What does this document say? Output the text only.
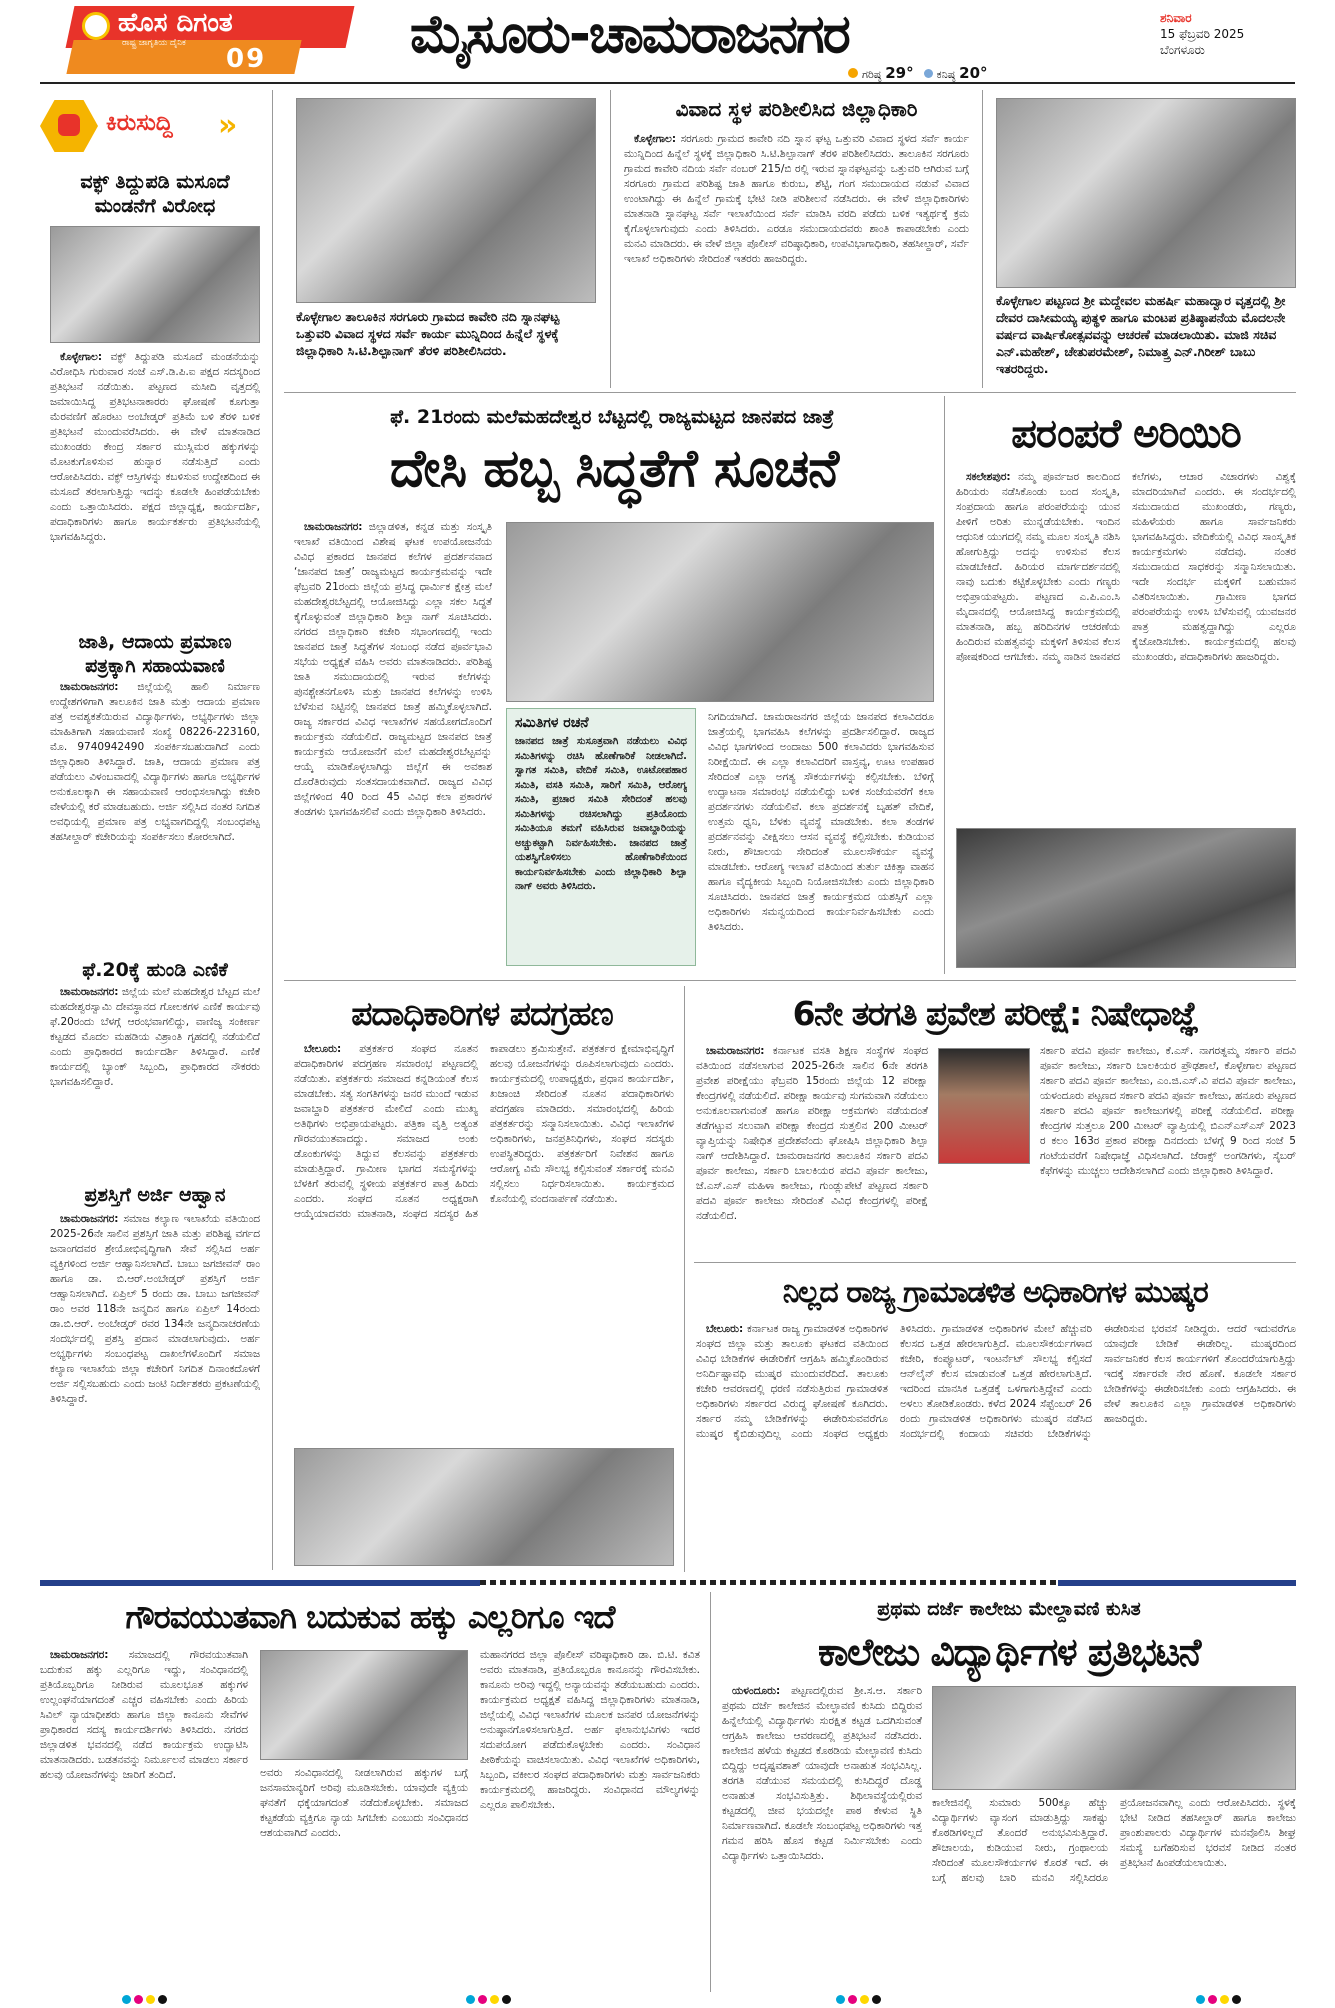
ಹೊಸ ದಿಗಂತ
ರಾಷ್ಟ್ರ ಜಾಗೃತಿಯ ದೈನಿಕ
09	ಮೈಸೂರು-ಚಾಮರಾಜನಗರ
ಗರಿಷ್ಠ 29° ಕನಿಷ್ಠ 20°
ಶನಿವಾರ
15 ಫೆಬ್ರವರಿ 2025
ಬೆಂಗಳೂರು
ಕಿರುಸುದ್ದಿ »
ವಕ್ಫ್ ತಿದ್ದುಪಡಿ ಮಸೂದೆ ಮಂಡನೆಗೆ ವಿರೋಧ

ಕೊಳ್ಳೇಗಾಲ: ವಕ್ಫ್ ತಿದ್ದುಪಡಿ ಮಸೂದೆ ಮಂಡನೆಯನ್ನು ವಿರೋಧಿಸಿ ಗುರುವಾರ ಸಂಜೆ ಎಸ್.ಡಿ.ಪಿ.ಐ ಪಕ್ಷದ ಸದಸ್ಯರಿಂದ ಪ್ರತಿಭಟನೆ ನಡೆಯಿತು. ಪಟ್ಟಣದ ಮಸೀದಿ ವೃತ್ತದಲ್ಲಿ ಜಮಾಯಿಸಿದ್ದ ಪ್ರತಿಭಟನಾಕಾರರು ಘೋಷಣೆ ಕೂಗುತ್ತಾ ಮೆರವಣಿಗೆ ಹೊರಟು ಅಂಬೇಡ್ಕರ್ ಪ್ರತಿಮೆ ಬಳಿ ತೆರಳಿ ಬಳಿಕ ಪ್ರತಿಭಟನೆ ಮುಂದುವರೆಸಿದರು. ಈ ವೇಳೆ ಮಾತನಾಡಿದ ಮುಖಂಡರು ಕೇಂದ್ರ ಸರ್ಕಾರ ಮುಸ್ಲಿಮರ ಹಕ್ಕುಗಳನ್ನು ಮೊಟಕುಗೊಳಿಸುವ ಹುನ್ನಾರ ನಡೆಸುತ್ತಿದೆ ಎಂದು ಆರೋಪಿಸಿದರು. ವಕ್ಫ್ ಆಸ್ತಿಗಳನ್ನು ಕಬಳಿಸುವ ಉದ್ದೇಶದಿಂದ ಈ ಮಸೂದೆ ತರಲಾಗುತ್ತಿದ್ದು ಇದನ್ನು ಕೂಡಲೇ ಹಿಂಪಡೆಯಬೇಕು ಎಂದು ಒತ್ತಾಯಿಸಿದರು. ಪಕ್ಷದ ಜಿಲ್ಲಾಧ್ಯಕ್ಷ, ಕಾರ್ಯದರ್ಶಿ, ಪದಾಧಿಕಾರಿಗಳು ಹಾಗೂ ಕಾರ್ಯಕರ್ತರು ಪ್ರತಿಭಟನೆಯಲ್ಲಿ ಭಾಗವಹಿಸಿದ್ದರು.

ಜಾತಿ, ಆದಾಯ ಪ್ರಮಾಣ ಪತ್ರಕ್ಕಾಗಿ ಸಹಾಯವಾಣಿ

ಚಾಮರಾಜನಗರ: ಜಿಲ್ಲೆಯಲ್ಲಿ ಹಾಲಿ ನಿರ್ಮಾಣ ಉದ್ದೇಶಗಳಿಗಾಗಿ ತಾಲೂಕಿನ ಜಾತಿ ಮತ್ತು ಆದಾಯ ಪ್ರಮಾಣ ಪತ್ರ ಅವಶ್ಯಕತೆಯಿರುವ ವಿದ್ಯಾರ್ಥಿಗಳು, ಅಭ್ಯರ್ಥಿಗಳು ಜಿಲ್ಲಾ ಮಾಹಿತಿಗಾಗಿ ಸಹಾಯವಾಣಿ ಸಂಖ್ಯೆ 08226-223160, ಮೊ. 9740942490 ಸಂಪರ್ಕಿಸಬಹುದಾಗಿದೆ ಎಂದು ಜಿಲ್ಲಾಧಿಕಾರಿ ತಿಳಿಸಿದ್ದಾರೆ. ಜಾತಿ, ಆದಾಯ ಪ್ರಮಾಣ ಪತ್ರ ಪಡೆಯಲು ವಿಳಂಬವಾದಲ್ಲಿ ವಿದ್ಯಾರ್ಥಿಗಳು ಹಾಗೂ ಅಭ್ಯರ್ಥಿಗಳ ಅನುಕೂಲಕ್ಕಾಗಿ ಈ ಸಹಾಯವಾಣಿ ಆರಂಭಿಸಲಾಗಿದ್ದು ಕಚೇರಿ ವೇಳೆಯಲ್ಲಿ ಕರೆ ಮಾಡಬಹುದು. ಅರ್ಜಿ ಸಲ್ಲಿಸಿದ ನಂತರ ನಿಗದಿತ ಅವಧಿಯಲ್ಲಿ ಪ್ರಮಾಣ ಪತ್ರ ಲಭ್ಯವಾಗದಿದ್ದಲ್ಲಿ ಸಂಬಂಧಪಟ್ಟ ತಹಸೀಲ್ದಾರ್ ಕಚೇರಿಯನ್ನು ಸಂಪರ್ಕಿಸಲು ಕೋರಲಾಗಿದೆ.

ಫೆ.20ಕ್ಕೆ ಹುಂಡಿ ಎಣಿಕೆ

ಚಾಮರಾಜನಗರ: ಜಿಲ್ಲೆಯ ಮಲೆ ಮಹದೇಶ್ವರ ಬೆಟ್ಟದ ಮಲೆ ಮಹದೇಶ್ವರಸ್ವಾಮಿ ದೇವಸ್ಥಾನದ ಗೋಲಕಗಳ ಎಣಿಕೆ ಕಾರ್ಯವು ಫೆ.20ರಂದು ಬೆಳಗ್ಗೆ ಆರಂಭವಾಗಲಿದ್ದು, ವಾಣಿಜ್ಯ ಸಂಕೀರ್ಣ ಕಟ್ಟಡದ ಮೊದಲ ಮಹಡಿಯ ವಿಶ್ರಾಂತಿ ಗೃಹದಲ್ಲಿ ನಡೆಯಲಿದೆ ಎಂದು ಪ್ರಾಧಿಕಾರದ ಕಾರ್ಯದರ್ಶಿ ತಿಳಿಸಿದ್ದಾರೆ. ಎಣಿಕೆ ಕಾರ್ಯದಲ್ಲಿ ಬ್ಯಾಂಕ್ ಸಿಬ್ಬಂದಿ, ಪ್ರಾಧಿಕಾರದ ನೌಕರರು ಭಾಗವಹಿಸಲಿದ್ದಾರೆ.

ಪ್ರಶಸ್ತಿಗೆ ಅರ್ಜಿ ಆಹ್ವಾನ

ಚಾಮರಾಜನಗರ: ಸಮಾಜ ಕಲ್ಯಾಣ ಇಲಾಖೆಯ ವತಿಯಿಂದ 2025-26ನೇ ಸಾಲಿನ ಪ್ರಶಸ್ತಿಗೆ ಜಾತಿ ಮತ್ತು ಪರಿಶಿಷ್ಟ ವರ್ಗದ ಜನಾಂಗದವರ ಶ್ರೇಯೋಭಿವೃದ್ಧಿಗಾಗಿ ಸೇವೆ ಸಲ್ಲಿಸಿದ ಅರ್ಹ ವ್ಯಕ್ತಿಗಳಿಂದ ಅರ್ಜಿ ಆಹ್ವಾನಿಸಲಾಗಿದೆ. ಬಾಬು ಜಗಜೀವನ್ ರಾಂ ಹಾಗೂ ಡಾ. ಬಿ.ಆರ್.ಅಂಬೇಡ್ಕರ್ ಪ್ರಶಸ್ತಿಗೆ ಅರ್ಜಿ ಆಹ್ವಾನಿಸಲಾಗಿದೆ. ಏಪ್ರಿಲ್ 5 ರಂದು ಡಾ. ಬಾಬು ಜಗಜೀವನ್ ರಾಂ ಅವರ 118ನೇ ಜನ್ಮದಿನ ಹಾಗೂ ಏಪ್ರಿಲ್ 14ರಂದು ಡಾ.ಬಿ.ಆರ್. ಅಂಬೇಡ್ಕರ್ ರವರ 134ನೇ ಜನ್ಮದಿನಾಚರಣೆಯ ಸಂದರ್ಭದಲ್ಲಿ ಪ್ರಶಸ್ತಿ ಪ್ರದಾನ ಮಾಡಲಾಗುವುದು. ಅರ್ಹ ಅಭ್ಯರ್ಥಿಗಳು ಸಂಬಂಧಪಟ್ಟ ದಾಖಲೆಗಳೊಂದಿಗೆ ಸಮಾಜ ಕಲ್ಯಾಣ ಇಲಾಖೆಯ ಜಿಲ್ಲಾ ಕಚೇರಿಗೆ ನಿಗದಿತ ದಿನಾಂಕದೊಳಗೆ ಅರ್ಜಿ ಸಲ್ಲಿಸಬಹುದು ಎಂದು ಜಂಟಿ ನಿರ್ದೇಶಕರು ಪ್ರಕಟಣೆಯಲ್ಲಿ ತಿಳಿಸಿದ್ದಾರೆ.

ಕೊಳ್ಳೇಗಾಲ ತಾಲೂಕಿನ ಸರಗೂರು ಗ್ರಾಮದ ಕಾವೇರಿ ನದಿ ಸ್ನಾನಘಟ್ಟ ಒತ್ತುವರಿ ವಿವಾದ ಸ್ಥಳದ ಸರ್ವೆ ಕಾರ್ಯ ಮುನ್ನಿದಿಂದ ಹಿನ್ನೆಲೆ ಸ್ಥಳಕ್ಕೆ ಜಿಲ್ಲಾಧಿಕಾರಿ ಸಿ.ಟಿ.ಶಿಲ್ಪಾನಾಗ್ ತೆರಳಿ ಪರಿಶೀಲಿಸಿದರು.
ವಿವಾದ ಸ್ಥಳ ಪರಿಶೀಲಿಸಿದ ಜಿಲ್ಲಾಧಿಕಾರಿ

ಕೊಳ್ಳೇಗಾಲ: ಸರಗೂರು ಗ್ರಾಮದ ಕಾವೇರಿ ನದಿ ಸ್ನಾನ ಘಟ್ಟ ಒತ್ತುವರಿ ವಿವಾದ ಸ್ಥಳದ ಸರ್ವೆ ಕಾರ್ಯ ಮುನ್ನಿದಿಂದ ಹಿನ್ನೆಲೆ ಸ್ಥಳಕ್ಕೆ ಜಿಲ್ಲಾಧಿಕಾರಿ ಸಿ.ಟಿ.ಶಿಲ್ಪಾನಾಗ್ ತೆರಳಿ ಪರಿಶೀಲಿಸಿದರು. ತಾಲೂಕಿನ ಸರಗೂರು ಗ್ರಾಮದ ಕಾವೇರಿ ನದಿಯ ಸರ್ವೆ ನಂಬರ್ 215/ಬಿ ರಲ್ಲಿ ಇರುವ ಸ್ನಾನಘಟ್ಟವನ್ನು ಒತ್ತುವರಿ ಆಗಿರುವ ಬಗ್ಗೆ ಸರಗೂರು ಗ್ರಾಮದ ಪರಿಶಿಷ್ಟ ಜಾತಿ ಹಾಗೂ ಕುರುಬ, ಶೆಟ್ಟಿ, ಗಂಗ ಸಮುದಾಯದ ನಡುವೆ ವಿವಾದ ಉಂಟಾಗಿದ್ದು ಈ ಹಿನ್ನೆಲೆ ಗ್ರಾಮಕ್ಕೆ ಭೇಟಿ ನೀಡಿ ಪರಿಶೀಲನೆ ನಡೆಸಿದರು. ಈ ವೇಳೆ ಜಿಲ್ಲಾಧಿಕಾರಿಗಳು ಮಾತನಾಡಿ ಸ್ನಾನಘಟ್ಟ ಸರ್ವೆ ಇಲಾಖೆಯಿಂದ ಸರ್ವೆ ಮಾಡಿಸಿ ವರದಿ ಪಡೆದು ಬಳಿಕ ಇತ್ಯರ್ಥಕ್ಕೆ ಕ್ರಮ ಕೈಗೊಳ್ಳಲಾಗುವುದು ಎಂದು ತಿಳಿಸಿದರು. ಎರಡೂ ಸಮುದಾಯದವರು ಶಾಂತಿ ಕಾಪಾಡಬೇಕು ಎಂದು ಮನವಿ ಮಾಡಿದರು. ಈ ವೇಳೆ ಜಿಲ್ಲಾ ಪೊಲೀಸ್ ವರಿಷ್ಠಾಧಿಕಾರಿ, ಉಪವಿಭಾಗಾಧಿಕಾರಿ, ತಹಸೀಲ್ದಾರ್, ಸರ್ವೆ ಇಲಾಖೆ ಅಧಿಕಾರಿಗಳು ಸೇರಿದಂತೆ ಇತರರು ಹಾಜರಿದ್ದರು.

ಕೊಳ್ಳೇಗಾಲ ಪಟ್ಟಣದ ಶ್ರೀ ಮದ್ದೇವಲ ಮಹರ್ಷಿ ಮಹಾದ್ವಾರ ವೃತ್ತದಲ್ಲಿ ಶ್ರೀ ದೇವರ ದಾಸೀಮಯ್ಯ ಪುತ್ಥಳಿ ಹಾಗೂ ಮಂಟಪ ಪ್ರತಿಷ್ಠಾಪನೆಯ ಮೊದಲನೇ ವರ್ಷದ ವಾರ್ಷಿಕೋತ್ಸವವನ್ನು ಆಚರಣೆ ಮಾಡಲಾಯಿತು. ಮಾಜಿ ಸಚಿವ ಎನ್.ಮಹೇಶ್, ಚೇತುಪರಮೇಶ್, ನಿಮಾತ್ತ್ರ ಎನ್.ಗಿರೀಶ್ ಬಾಬು ಇತರರಿದ್ದರು.
ಫೆ. 21ರಂದು ಮಲೆಮಹದೇಶ್ವರ ಬೆಟ್ಟದಲ್ಲಿ ರಾಜ್ಯಮಟ್ಟದ ಜಾನಪದ ಜಾತ್ರೆ
ದೇಸಿ ಹಬ್ಬ ಸಿದ್ಧತೆಗೆ ಸೂಚನೆ

ಚಾಮರಾಜನಗರ: ಜಿಲ್ಲಾಡಳಿತ, ಕನ್ನಡ ಮತ್ತು ಸಂಸ್ಕೃತಿ ಇಲಾಖೆ ವತಿಯಿಂದ ವಿಶೇಷ ಘಟಕ ಉಪಯೋಜನೆಯ ವಿವಿಧ ಪ್ರಕಾರದ ಜಾನಪದ ಕಲೆಗಳ ಪ್ರದರ್ಶನವಾದ ‘ಜಾನಪದ ಜಾತ್ರೆ’ ರಾಜ್ಯಮಟ್ಟದ ಕಾರ್ಯಕ್ರಮವನ್ನು ಇದೇ ಫೆಬ್ರವರಿ 21ರಂದು ಜಿಲ್ಲೆಯ ಪ್ರಸಿದ್ಧ ಧಾರ್ಮಿಕ ಕ್ಷೇತ್ರ ಮಲೆ ಮಹದೇಶ್ವರಬೆಟ್ಟದಲ್ಲಿ ಆಯೋಜಿಸಿದ್ದು ಎಲ್ಲಾ ಸಕಲ ಸಿದ್ಧತೆ ಕೈಗೊಳ್ಳುವಂತೆ ಜಿಲ್ಲಾಧಿಕಾರಿ ಶಿಲ್ಪಾ ನಾಗ್ ಸೂಚಿಸಿದರು. ನಗರದ ಜಿಲ್ಲಾಧಿಕಾರಿ ಕಚೇರಿ ಸಭಾಂಗಣದಲ್ಲಿ ಇಂದು ಜಾನಪದ ಜಾತ್ರೆ ಸಿದ್ಧತೆಗಳ ಸಂಬಂಧ ನಡೆದ ಪೂರ್ವಭಾವಿ ಸಭೆಯ ಅಧ್ಯಕ್ಷತೆ ವಹಿಸಿ ಅವರು ಮಾತನಾಡಿದರು. ಪರಿಶಿಷ್ಟ ಜಾತಿ ಸಮುದಾಯದಲ್ಲಿ ಇರುವ ಕಲೆಗಳನ್ನು ಪುನಶ್ಚೇತನಗೊಳಿಸಿ ಮತ್ತು ಜಾನಪದ ಕಲೆಗಳನ್ನು ಉಳಿಸಿ ಬೆಳೆಸುವ ನಿಟ್ಟಿನಲ್ಲಿ ಜಾನಪದ ಜಾತ್ರೆ ಹಮ್ಮಿಕೊಳ್ಳಲಾಗಿದೆ. ರಾಜ್ಯ ಸರ್ಕಾರದ ವಿವಿಧ ಇಲಾಖೆಗಳ ಸಹಯೋಗದೊಂದಿಗೆ ಕಾರ್ಯಕ್ರಮ ನಡೆಯಲಿದೆ. ರಾಜ್ಯಮಟ್ಟದ ಜಾನಪದ ಜಾತ್ರೆ ಕಾರ್ಯಕ್ರಮ ಆಯೋಜನೆಗೆ ಮಲೆ ಮಹದೇಶ್ವರಬೆಟ್ಟವನ್ನು ಆಯ್ಕೆ ಮಾಡಿಕೊಳ್ಳಲಾಗಿದ್ದು ಜಿಲ್ಲೆಗೆ ಈ ಅವಕಾಶ ದೊರೆತಿರುವುದು ಸಂತಸದಾಯಕವಾಗಿದೆ. ರಾಜ್ಯದ ವಿವಿಧ ಜಿಲ್ಲೆಗಳಿಂದ 40 ರಿಂದ 45 ವಿವಿಧ ಕಲಾ ಪ್ರಕಾರಗಳ ತಂಡಗಳು ಭಾಗವಹಿಸಲಿವೆ ಎಂದು ಜಿಲ್ಲಾಧಿಕಾರಿ ತಿಳಿಸಿದರು.

ಸಮಿತಿಗಳ ರಚನೆ
ಜಾನಪದ ಜಾತ್ರೆ ಸುಸೂತ್ರವಾಗಿ ನಡೆಯಲು ವಿವಿಧ ಸಮಿತಿಗಳನ್ನು ರಚಿಸಿ ಹೊಣೆಗಾರಿಕೆ ನೀಡಲಾಗಿದೆ. ಸ್ವಾಗತ ಸಮಿತಿ, ವೇದಿಕೆ ಸಮಿತಿ, ಊಟೋಪಹಾರ ಸಮಿತಿ, ವಸತಿ ಸಮಿತಿ, ಸಾರಿಗೆ ಸಮಿತಿ, ಆರೋಗ್ಯ ಸಮಿತಿ, ಪ್ರಚಾರ ಸಮಿತಿ ಸೇರಿದಂತೆ ಹಲವು ಸಮಿತಿಗಳನ್ನು ರಚಿಸಲಾಗಿದ್ದು ಪ್ರತಿಯೊಂದು ಸಮಿತಿಯೂ ತಮಗೆ ವಹಿಸಿರುವ ಜವಾಬ್ದಾರಿಯನ್ನು ಅಚ್ಚುಕಟ್ಟಾಗಿ ನಿರ್ವಹಿಸಬೇಕು. ಜಾನಪದ ಜಾತ್ರೆ ಯಶಸ್ವಿಗೊಳಿಸಲು ಹೊಣೆಗಾರಿಕೆಯಿಂದ ಕಾರ್ಯನಿರ್ವಹಿಸಬೇಕು ಎಂದು ಜಿಲ್ಲಾಧಿಕಾರಿ ಶಿಲ್ಪಾ ನಾಗ್ ಅವರು ತಿಳಿಸಿದರು.
ನಿಗದಿಯಾಗಿದೆ. ಚಾಮರಾಜನಗರ ಜಿಲ್ಲೆಯ ಜಾನಪದ ಕಲಾವಿದರೂ ಜಾತ್ರೆಯಲ್ಲಿ ಭಾಗವಹಿಸಿ ಕಲೆಗಳನ್ನು ಪ್ರದರ್ಶಿಸಲಿದ್ದಾರೆ. ರಾಜ್ಯದ ವಿವಿಧ ಭಾಗಗಳಿಂದ ಅಂದಾಜು 500 ಕಲಾವಿದರು ಭಾಗವಹಿಸುವ ನಿರೀಕ್ಷೆಯಿದೆ. ಈ ಎಲ್ಲಾ ಕಲಾವಿದರಿಗೆ ವಾಸ್ತವ್ಯ, ಊಟ ಉಪಹಾರ ಸೇರಿದಂತೆ ಎಲ್ಲಾ ಅಗತ್ಯ ಸೌಕರ್ಯಗಳನ್ನು ಕಲ್ಪಿಸಬೇಕು. ಬೆಳಿಗ್ಗೆ ಉದ್ಘಾಟನಾ ಸಮಾರಂಭ ನಡೆಯಲಿದ್ದು ಬಳಿಕ ಸಂಜೆಯವರೆಗೆ ಕಲಾ ಪ್ರದರ್ಶನಗಳು ನಡೆಯಲಿವೆ. ಕಲಾ ಪ್ರದರ್ಶನಕ್ಕೆ ಬೃಹತ್ ವೇದಿಕೆ, ಉತ್ತಮ ಧ್ವನಿ, ಬೆಳಕು ವ್ಯವಸ್ಥೆ ಮಾಡಬೇಕು. ಕಲಾ ತಂಡಗಳ ಪ್ರದರ್ಶನವನ್ನು ವೀಕ್ಷಿಸಲು ಆಸನ ವ್ಯವಸ್ಥೆ ಕಲ್ಪಿಸಬೇಕು. ಕುಡಿಯುವ ನೀರು, ಶೌಚಾಲಯ ಸೇರಿದಂತೆ ಮೂಲಸೌಕರ್ಯ ವ್ಯವಸ್ಥೆ ಮಾಡಬೇಕು. ಆರೋಗ್ಯ ಇಲಾಖೆ ವತಿಯಿಂದ ತುರ್ತು ಚಿಕಿತ್ಸಾ ವಾಹನ ಹಾಗೂ ವೈದ್ಯಕೀಯ ಸಿಬ್ಬಂದಿ ನಿಯೋಜಿಸಬೇಕು ಎಂದು ಜಿಲ್ಲಾಧಿಕಾರಿ ಸೂಚಿಸಿದರು. ಜಾನಪದ ಜಾತ್ರೆ ಕಾರ್ಯಕ್ರಮದ ಯಶಸ್ಸಿಗೆ ಎಲ್ಲಾ ಅಧಿಕಾರಿಗಳು ಸಮನ್ವಯದಿಂದ ಕಾರ್ಯನಿರ್ವಹಿಸಬೇಕು ಎಂದು ತಿಳಿಸಿದರು.
ಪರಂಪರೆ ಅರಿಯಿರಿ

ಸಕಲೇಶಪುರ: ನಮ್ಮ ಪೂರ್ವಜರ ಕಾಲದಿಂದ ಹಿರಿಯರು ನಡೆಸಿಕೊಂಡು ಬಂದ ಸಂಸ್ಕೃತಿ, ಸಂಪ್ರದಾಯ ಹಾಗೂ ಪರಂಪರೆಯನ್ನು ಯುವ ಪೀಳಿಗೆ ಅರಿತು ಮುನ್ನಡೆಯಬೇಕು. ಇಂದಿನ ಆಧುನಿಕ ಯುಗದಲ್ಲಿ ನಮ್ಮ ಮೂಲ ಸಂಸ್ಕೃತಿ ನಶಿಸಿ ಹೋಗುತ್ತಿದ್ದು ಅದನ್ನು ಉಳಿಸುವ ಕೆಲಸ ಮಾಡಬೇಕಿದೆ. ಹಿರಿಯರ ಮಾರ್ಗದರ್ಶನದಲ್ಲಿ ನಾವು ಬದುಕು ಕಟ್ಟಿಕೊಳ್ಳಬೇಕು ಎಂದು ಗಣ್ಯರು ಅಭಿಪ್ರಾಯಪಟ್ಟರು. ಪಟ್ಟಣದ ಎ.ಪಿ.ಎಂ.ಸಿ ಮೈದಾನದಲ್ಲಿ ಆಯೋಜಿಸಿದ್ದ ಕಾರ್ಯಕ್ರಮದಲ್ಲಿ ಮಾತನಾಡಿ, ಹಬ್ಬ ಹರಿದಿನಗಳ ಆಚರಣೆಯ ಹಿಂದಿರುವ ಮಹತ್ವವನ್ನು ಮಕ್ಕಳಿಗೆ ತಿಳಿಸುವ ಕೆಲಸ ಪೋಷಕರಿಂದ ಆಗಬೇಕು. ನಮ್ಮ ನಾಡಿನ ಜಾನಪದ ಕಲೆಗಳು, ಆಚಾರ ವಿಚಾರಗಳು ವಿಶ್ವಕ್ಕೆ ಮಾದರಿಯಾಗಿವೆ ಎಂದರು. ಈ ಸಂದರ್ಭದಲ್ಲಿ ಸಮುದಾಯದ ಮುಖಂಡರು, ಗಣ್ಯರು, ಮಹಿಳೆಯರು ಹಾಗೂ ಸಾರ್ವಜನಿಕರು ಭಾಗವಹಿಸಿದ್ದರು. ವೇದಿಕೆಯಲ್ಲಿ ವಿವಿಧ ಸಾಂಸ್ಕೃತಿಕ ಕಾರ್ಯಕ್ರಮಗಳು ನಡೆದವು. ನಂತರ ಸಮುದಾಯದ ಸಾಧಕರನ್ನು ಸನ್ಮಾನಿಸಲಾಯಿತು. ಇದೇ ಸಂದರ್ಭ ಮಕ್ಕಳಿಗೆ ಬಹುಮಾನ ವಿತರಿಸಲಾಯಿತು. ಗ್ರಾಮೀಣ ಭಾಗದ ಪರಂಪರೆಯನ್ನು ಉಳಿಸಿ ಬೆಳೆಸುವಲ್ಲಿ ಯುವಜನರ ಪಾತ್ರ ಮಹತ್ವದ್ದಾಗಿದ್ದು ಎಲ್ಲರೂ ಕೈಜೋಡಿಸಬೇಕು. ಕಾರ್ಯಕ್ರಮದಲ್ಲಿ ಹಲವು ಮುಖಂಡರು, ಪದಾಧಿಕಾರಿಗಳು ಹಾಜರಿದ್ದರು.

ಪದಾಧಿಕಾರಿಗಳ ಪದಗ್ರಹಣ

ಬೇಲೂರು: ಪತ್ರಕರ್ತರ ಸಂಘದ ನೂತನ ಪದಾಧಿಕಾರಿಗಳ ಪದಗ್ರಹಣ ಸಮಾರಂಭ ಪಟ್ಟಣದಲ್ಲಿ ನಡೆಯಿತು. ಪತ್ರಕರ್ತರು ಸಮಾಜದ ಕನ್ನಡಿಯಂತೆ ಕೆಲಸ ಮಾಡಬೇಕು. ಸತ್ಯ ಸಂಗತಿಗಳನ್ನು ಜನರ ಮುಂದೆ ಇಡುವ ಜವಾಬ್ದಾರಿ ಪತ್ರಕರ್ತರ ಮೇಲಿದೆ ಎಂದು ಮುಖ್ಯ ಅತಿಥಿಗಳು ಅಭಿಪ್ರಾಯಪಟ್ಟರು. ಪತ್ರಿಕಾ ವೃತ್ತಿ ಅತ್ಯಂತ ಗೌರವಯುತವಾದದ್ದು. ಸಮಾಜದ ಅಂಕು ಡೊಂಕುಗಳನ್ನು ತಿದ್ದುವ ಕೆಲಸವನ್ನು ಪತ್ರಕರ್ತರು ಮಾಡುತ್ತಿದ್ದಾರೆ. ಗ್ರಾಮೀಣ ಭಾಗದ ಸಮಸ್ಯೆಗಳನ್ನು ಬೆಳಕಿಗೆ ತರುವಲ್ಲಿ ಸ್ಥಳೀಯ ಪತ್ರಕರ್ತರ ಪಾತ್ರ ಹಿರಿದು ಎಂದರು. ಸಂಘದ ನೂತನ ಅಧ್ಯಕ್ಷರಾಗಿ ಆಯ್ಕೆಯಾದವರು ಮಾತನಾಡಿ, ಸಂಘದ ಸದಸ್ಯರ ಹಿತ ಕಾಪಾಡಲು ಶ್ರಮಿಸುತ್ತೇನೆ. ಪತ್ರಕರ್ತರ ಕ್ಷೇಮಾಭಿವೃದ್ಧಿಗೆ ಹಲವು ಯೋಜನೆಗಳನ್ನು ರೂಪಿಸಲಾಗುವುದು ಎಂದರು. ಕಾರ್ಯಕ್ರಮದಲ್ಲಿ ಉಪಾಧ್ಯಕ್ಷರು, ಪ್ರಧಾನ ಕಾರ್ಯದರ್ಶಿ, ಖಜಾಂಚಿ ಸೇರಿದಂತೆ ನೂತನ ಪದಾಧಿಕಾರಿಗಳು ಪದಗ್ರಹಣ ಮಾಡಿದರು. ಸಮಾರಂಭದಲ್ಲಿ ಹಿರಿಯ ಪತ್ರಕರ್ತರನ್ನು ಸನ್ಮಾನಿಸಲಾಯಿತು. ವಿವಿಧ ಇಲಾಖೆಗಳ ಅಧಿಕಾರಿಗಳು, ಜನಪ್ರತಿನಿಧಿಗಳು, ಸಂಘದ ಸದಸ್ಯರು ಉಪಸ್ಥಿತರಿದ್ದರು. ಪತ್ರಕರ್ತರಿಗೆ ನಿವೇಶನ ಹಾಗೂ ಆರೋಗ್ಯ ವಿಮೆ ಸೌಲಭ್ಯ ಕಲ್ಪಿಸುವಂತೆ ಸರ್ಕಾರಕ್ಕೆ ಮನವಿ ಸಲ್ಲಿಸಲು ನಿರ್ಧರಿಸಲಾಯಿತು. ಕಾರ್ಯಕ್ರಮದ ಕೊನೆಯಲ್ಲಿ ವಂದನಾರ್ಪಣೆ ನಡೆಯಿತು.

6ನೇ ತರಗತಿ ಪ್ರವೇಶ ಪರೀಕ್ಷೆ: ನಿಷೇಧಾಜ್ಞೆ

ಚಾಮರಾಜನಗರ: ಕರ್ನಾಟಕ ವಸತಿ ಶಿಕ್ಷಣ ಸಂಸ್ಥೆಗಳ ಸಂಘದ ವತಿಯಿಂದ ನಡೆಸಲಾಗುವ 2025-26ನೇ ಸಾಲಿನ 6ನೇ ತರಗತಿ ಪ್ರವೇಶ ಪರೀಕ್ಷೆಯು ಫೆಬ್ರವರಿ 15ರಂದು ಜಿಲ್ಲೆಯ 12 ಪರೀಕ್ಷಾ ಕೇಂದ್ರಗಳಲ್ಲಿ ನಡೆಯಲಿದೆ. ಪರೀಕ್ಷಾ ಕಾರ್ಯವು ಸುಗಮವಾಗಿ ನಡೆಯಲು ಅನುಕೂಲವಾಗುವಂತೆ ಹಾಗೂ ಪರೀಕ್ಷಾ ಅಕ್ರಮಗಳು ನಡೆಯದಂತೆ ತಡೆಗಟ್ಟುವ ಸಲುವಾಗಿ ಪರೀಕ್ಷಾ ಕೇಂದ್ರದ ಸುತ್ತಲಿನ 200 ಮೀಟರ್ ವ್ಯಾಪ್ತಿಯನ್ನು ನಿಷೇಧಿತ ಪ್ರದೇಶವೆಂದು ಘೋಷಿಸಿ ಜಿಲ್ಲಾಧಿಕಾರಿ ಶಿಲ್ಪಾ ನಾಗ್ ಆದೇಶಿಸಿದ್ದಾರೆ. ಚಾಮರಾಜನಗರ ತಾಲೂಕಿನ ಸರ್ಕಾರಿ ಪದವಿ ಪೂರ್ವ ಕಾಲೇಜು, ಸರ್ಕಾರಿ ಬಾಲಕಿಯರ ಪದವಿ ಪೂರ್ವ ಕಾಲೇಜು, ಜೆ.ಎಸ್.ಎಸ್ ಮಹಿಳಾ ಕಾಲೇಜು, ಗುಂಡ್ಲುಪೇಟೆ ಪಟ್ಟಣದ ಸರ್ಕಾರಿ ಪದವಿ ಪೂರ್ವ ಕಾಲೇಜು ಸೇರಿದಂತೆ ವಿವಿಧ ಕೇಂದ್ರಗಳಲ್ಲಿ ಪರೀಕ್ಷೆ ನಡೆಯಲಿದೆ.

ಸರ್ಕಾರಿ ಪದವಿ ಪೂರ್ವ ಕಾಲೇಜು, ಕೆ.ಎಸ್. ನಾಗರತ್ನಮ್ಮ ಸರ್ಕಾರಿ ಪದವಿ ಪೂರ್ವ ಕಾಲೇಜು, ಸರ್ಕಾರಿ ಬಾಲಕಿಯರ ಪ್ರೌಢಶಾಲೆ, ಕೊಳ್ಳೇಗಾಲ ಪಟ್ಟಣದ ಸರ್ಕಾರಿ ಪದವಿ ಪೂರ್ವ ಕಾಲೇಜು, ಎಂ.ಜಿ.ಎಸ್.ವಿ ಪದವಿ ಪೂರ್ವ ಕಾಲೇಜು, ಯಳಂದೂರು ಪಟ್ಟಣದ ಸರ್ಕಾರಿ ಪದವಿ ಪೂರ್ವ ಕಾಲೇಜು, ಹನೂರು ಪಟ್ಟಣದ ಸರ್ಕಾರಿ ಪದವಿ ಪೂರ್ವ ಕಾಲೇಜುಗಳಲ್ಲಿ ಪರೀಕ್ಷೆ ನಡೆಯಲಿದೆ. ಪರೀಕ್ಷಾ ಕೇಂದ್ರಗಳ ಸುತ್ತಲೂ 200 ಮೀಟರ್ ವ್ಯಾಪ್ತಿಯಲ್ಲಿ ಬಿಎನ್‌ಎಸ್‌ಎಸ್ 2023 ರ ಕಲಂ 163ರ ಪ್ರಕಾರ ಪರೀಕ್ಷಾ ದಿನದಂದು ಬೆಳಗ್ಗೆ 9 ರಿಂದ ಸಂಜೆ 5 ಗಂಟೆಯವರೆಗೆ ನಿಷೇಧಾಜ್ಞೆ ವಿಧಿಸಲಾಗಿದೆ. ಜೆರಾಕ್ಸ್ ಅಂಗಡಿಗಳು, ಸೈಬರ್ ಕೆಫೆಗಳನ್ನು ಮುಚ್ಚಲು ಆದೇಶಿಸಲಾಗಿದೆ ಎಂದು ಜಿಲ್ಲಾಧಿಕಾರಿ ತಿಳಿಸಿದ್ದಾರೆ.
ನಿಲ್ಲದ ರಾಜ್ಯ ಗ್ರಾಮಾಡಳಿತ ಅಧಿಕಾರಿಗಳ ಮುಷ್ಕರ

ಬೇಲೂರು: ಕರ್ನಾಟಕ ರಾಜ್ಯ ಗ್ರಾಮಾಡಳಿತ ಅಧಿಕಾರಿಗಳ ಸಂಘದ ಜಿಲ್ಲಾ ಮತ್ತು ತಾಲೂಕು ಘಟಕದ ವತಿಯಿಂದ ವಿವಿಧ ಬೇಡಿಕೆಗಳ ಈಡೇರಿಕೆಗೆ ಆಗ್ರಹಿಸಿ ಹಮ್ಮಿಕೊಂಡಿರುವ ಅನಿರ್ದಿಷ್ಟಾವಧಿ ಮುಷ್ಕರ ಮುಂದುವರೆದಿದೆ. ತಾಲೂಕು ಕಚೇರಿ ಆವರಣದಲ್ಲಿ ಧರಣಿ ನಡೆಸುತ್ತಿರುವ ಗ್ರಾಮಾಡಳಿತ ಅಧಿಕಾರಿಗಳು ಸರ್ಕಾರದ ವಿರುದ್ಧ ಘೋಷಣೆ ಕೂಗಿದರು. ಸರ್ಕಾರ ನಮ್ಮ ಬೇಡಿಕೆಗಳನ್ನು ಈಡೇರಿಸುವವರೆಗೂ ಮುಷ್ಕರ ಕೈಬಿಡುವುದಿಲ್ಲ ಎಂದು ಸಂಘದ ಅಧ್ಯಕ್ಷರು ತಿಳಿಸಿದರು. ಗ್ರಾಮಾಡಳಿತ ಅಧಿಕಾರಿಗಳ ಮೇಲೆ ಹೆಚ್ಚುವರಿ ಕೆಲಸದ ಒತ್ತಡ ಹೇರಲಾಗುತ್ತಿದೆ. ಮೂಲಸೌಕರ್ಯಗಳಾದ ಕಚೇರಿ, ಕಂಪ್ಯೂಟರ್, ಇಂಟರ್ನೆಟ್ ಸೌಲಭ್ಯ ಕಲ್ಪಿಸದೆ ಆನ್‌ಲೈನ್ ಕೆಲಸ ಮಾಡುವಂತೆ ಒತ್ತಡ ಹೇರಲಾಗುತ್ತಿದೆ. ಇದರಿಂದ ಮಾನಸಿಕ ಒತ್ತಡಕ್ಕೆ ಒಳಗಾಗುತ್ತಿದ್ದೇವೆ ಎಂದು ಅಳಲು ತೋಡಿಕೊಂಡರು. ಕಳೆದ 2024 ಸೆಪ್ಟೆಂಬರ್ 26 ರಂದು ಗ್ರಾಮಾಡಳಿತ ಅಧಿಕಾರಿಗಳು ಮುಷ್ಕರ ನಡೆಸಿದ ಸಂದರ್ಭದಲ್ಲಿ ಕಂದಾಯ ಸಚಿವರು ಬೇಡಿಕೆಗಳನ್ನು ಈಡೇರಿಸುವ ಭರವಸೆ ನೀಡಿದ್ದರು. ಆದರೆ ಇದುವರೆಗೂ ಯಾವುದೇ ಬೇಡಿಕೆ ಈಡೇರಿಲ್ಲ. ಮುಷ್ಕರದಿಂದ ಸಾರ್ವಜನಿಕರ ಕೆಲಸ ಕಾರ್ಯಗಳಿಗೆ ತೊಂದರೆಯಾಗುತ್ತಿದ್ದು ಇದಕ್ಕೆ ಸರ್ಕಾರವೇ ನೇರ ಹೊಣೆ. ಕೂಡಲೇ ಸರ್ಕಾರ ಬೇಡಿಕೆಗಳನ್ನು ಈಡೇರಿಸಬೇಕು ಎಂದು ಆಗ್ರಹಿಸಿದರು. ಈ ವೇಳೆ ತಾಲೂಕಿನ ಎಲ್ಲಾ ಗ್ರಾಮಾಡಳಿತ ಅಧಿಕಾರಿಗಳು ಹಾಜರಿದ್ದರು.

ಗೌರವಯುತವಾಗಿ ಬದುಕುವ ಹಕ್ಕು ಎಲ್ಲರಿಗೂ ಇದೆ

ಚಾಮರಾಜನಗರ: ಸಮಾಜದಲ್ಲಿ ಗೌರವಯುತವಾಗಿ ಬದುಕುವ ಹಕ್ಕು ಎಲ್ಲರಿಗೂ ಇದ್ದು, ಸಂವಿಧಾನದಲ್ಲಿ ಪ್ರತಿಯೊಬ್ಬರಿಗೂ ನೀಡಿರುವ ಮೂಲಭೂತ ಹಕ್ಕುಗಳ ಉಲ್ಲಂಘನೆಯಾಗದಂತೆ ಎಚ್ಚರ ವಹಿಸಬೇಕು ಎಂದು ಹಿರಿಯ ಸಿವಿಲ್ ನ್ಯಾಯಾಧೀಶರು ಹಾಗೂ ಜಿಲ್ಲಾ ಕಾನೂನು ಸೇವೆಗಳ ಪ್ರಾಧಿಕಾರದ ಸದಸ್ಯ ಕಾರ್ಯದರ್ಶಿಗಳು ತಿಳಿಸಿದರು. ನಗರದ ಜಿಲ್ಲಾಡಳಿತ ಭವನದಲ್ಲಿ ನಡೆದ ಕಾರ್ಯಕ್ರಮ ಉದ್ಘಾಟಿಸಿ ಮಾತನಾಡಿದರು. ಬಡತನವನ್ನು ನಿರ್ಮೂಲನೆ ಮಾಡಲು ಸರ್ಕಾರ ಹಲವು ಯೋಜನೆಗಳನ್ನು ಜಾರಿಗೆ ತಂದಿದೆ.	ಅವರು ಸಂವಿಧಾನದಲ್ಲಿ ನೀಡಲಾಗಿರುವ ಹಕ್ಕುಗಳ ಬಗ್ಗೆ ಜನಸಾಮಾನ್ಯರಿಗೆ ಅರಿವು ಮೂಡಿಸಬೇಕು. ಯಾವುದೇ ವ್ಯಕ್ತಿಯ ಘನತೆಗೆ ಧಕ್ಕೆಯಾಗದಂತೆ ನಡೆದುಕೊಳ್ಳಬೇಕು. ಸಮಾಜದ ಕಟ್ಟಕಡೆಯ ವ್ಯಕ್ತಿಗೂ ನ್ಯಾಯ ಸಿಗಬೇಕು ಎಂಬುದು ಸಂವಿಧಾನದ ಆಶಯವಾಗಿದೆ ಎಂದರು.
ಮಹಾನಗರದ ಜಿಲ್ಲಾ ಪೊಲೀಸ್ ವರಿಷ್ಠಾಧಿಕಾರಿ ಡಾ. ಬಿ.ಟಿ. ಕವಿತ ಅವರು ಮಾತನಾಡಿ, ಪ್ರತಿಯೊಬ್ಬರೂ ಕಾನೂನನ್ನು ಗೌರವಿಸಬೇಕು. ಕಾನೂನು ಅರಿವು ಇದ್ದಲ್ಲಿ ಅನ್ಯಾಯವನ್ನು ತಡೆಯಬಹುದು ಎಂದರು. ಕಾರ್ಯಕ್ರಮದ ಅಧ್ಯಕ್ಷತೆ ವಹಿಸಿದ್ದ ಜಿಲ್ಲಾಧಿಕಾರಿಗಳು ಮಾತನಾಡಿ, ಜಿಲ್ಲೆಯಲ್ಲಿ ವಿವಿಧ ಇಲಾಖೆಗಳ ಮೂಲಕ ಜನಪರ ಯೋಜನೆಗಳನ್ನು ಅನುಷ್ಠಾನಗೊಳಿಸಲಾಗುತ್ತಿದೆ. ಅರ್ಹ ಫಲಾನುಭವಿಗಳು ಇದರ ಸದುಪಯೋಗ ಪಡೆದುಕೊಳ್ಳಬೇಕು ಎಂದರು. ಸಂವಿಧಾನ ಪೀಠಿಕೆಯನ್ನು ವಾಚಿಸಲಾಯಿತು. ವಿವಿಧ ಇಲಾಖೆಗಳ ಅಧಿಕಾರಿಗಳು, ಸಿಬ್ಬಂದಿ, ವಕೀಲರ ಸಂಘದ ಪದಾಧಿಕಾರಿಗಳು ಮತ್ತು ಸಾರ್ವಜನಿಕರು ಕಾರ್ಯಕ್ರಮದಲ್ಲಿ ಹಾಜರಿದ್ದರು. ಸಂವಿಧಾನದ ಮೌಲ್ಯಗಳನ್ನು ಎಲ್ಲರೂ ಪಾಲಿಸಬೇಕು.
ಪ್ರಥಮ ದರ್ಜೆ ಕಾಲೇಜು ಮೇಲ್ದಾವಣಿ ಕುಸಿತ
ಕಾಲೇಜು ವಿದ್ಯಾರ್ಥಿಗಳ ಪ್ರತಿಭಟನೆ

ಯಳಂದೂರು: ಪಟ್ಟಣದಲ್ಲಿರುವ ಶ್ರೀ.ಸ.ಆ. ಸರ್ಕಾರಿ ಪ್ರಥಮ ದರ್ಜೆ ಕಾಲೇಜಿನ ಮೇಲ್ಛಾವಣಿ ಕುಸಿದು ಬಿದ್ದಿರುವ ಹಿನ್ನೆಲೆಯಲ್ಲಿ ವಿದ್ಯಾರ್ಥಿಗಳು ಸುರಕ್ಷಿತ ಕಟ್ಟಡ ಒದಗಿಸುವಂತೆ ಆಗ್ರಹಿಸಿ ಕಾಲೇಜು ಆವರಣದಲ್ಲಿ ಪ್ರತಿಭಟನೆ ನಡೆಸಿದರು. ಕಾಲೇಜಿನ ಹಳೆಯ ಕಟ್ಟಡದ ಕೊಠಡಿಯ ಮೇಲ್ಛಾವಣಿ ಕುಸಿದು ಬಿದ್ದಿದ್ದು ಅದೃಷ್ಟವಶಾತ್ ಯಾವುದೇ ಅನಾಹುತ ಸಂಭವಿಸಿಲ್ಲ. ತರಗತಿ ನಡೆಯುವ ಸಮಯದಲ್ಲಿ ಕುಸಿದಿದ್ದರೆ ದೊಡ್ಡ ಅನಾಹುತ ಸಂಭವಿಸುತ್ತಿತ್ತು. ಶಿಥಿಲಾವಸ್ಥೆಯಲ್ಲಿರುವ ಕಟ್ಟಡದಲ್ಲಿ ಜೀವ ಭಯದಲ್ಲೇ ಪಾಠ ಕೇಳುವ ಸ್ಥಿತಿ ನಿರ್ಮಾಣವಾಗಿದೆ. ಕೂಡಲೇ ಸಂಬಂಧಪಟ್ಟ ಅಧಿಕಾರಿಗಳು ಇತ್ತ ಗಮನ ಹರಿಸಿ ಹೊಸ ಕಟ್ಟಡ ನಿರ್ಮಿಸಬೇಕು ಎಂದು ವಿದ್ಯಾರ್ಥಿಗಳು ಒತ್ತಾಯಿಸಿದರು.

ಕಾಲೇಜಿನಲ್ಲಿ ಸುಮಾರು 500ಕ್ಕೂ ಹೆಚ್ಚು ವಿದ್ಯಾರ್ಥಿಗಳು ವ್ಯಾಸಂಗ ಮಾಡುತ್ತಿದ್ದು ಸಾಕಷ್ಟು ಕೊಠಡಿಗಳಿಲ್ಲದೆ ತೊಂದರೆ ಅನುಭವಿಸುತ್ತಿದ್ದಾರೆ. ಶೌಚಾಲಯ, ಕುಡಿಯುವ ನೀರು, ಗ್ರಂಥಾಲಯ ಸೇರಿದಂತೆ ಮೂಲಸೌಕರ್ಯಗಳ ಕೊರತೆ ಇದೆ. ಈ ಬಗ್ಗೆ ಹಲವು ಬಾರಿ ಮನವಿ ಸಲ್ಲಿಸಿದರೂ ಪ್ರಯೋಜನವಾಗಿಲ್ಲ ಎಂದು ಆರೋಪಿಸಿದರು. ಸ್ಥಳಕ್ಕೆ ಭೇಟಿ ನೀಡಿದ ತಹಸೀಲ್ದಾರ್ ಹಾಗೂ ಕಾಲೇಜು ಪ್ರಾಂಶುಪಾಲರು ವಿದ್ಯಾರ್ಥಿಗಳ ಮನವೊಲಿಸಿ ಶೀಘ್ರ ಸಮಸ್ಯೆ ಬಗೆಹರಿಸುವ ಭರವಸೆ ನೀಡಿದ ನಂತರ ಪ್ರತಿಭಟನೆ ಹಿಂಪಡೆಯಲಾಯಿತು.
